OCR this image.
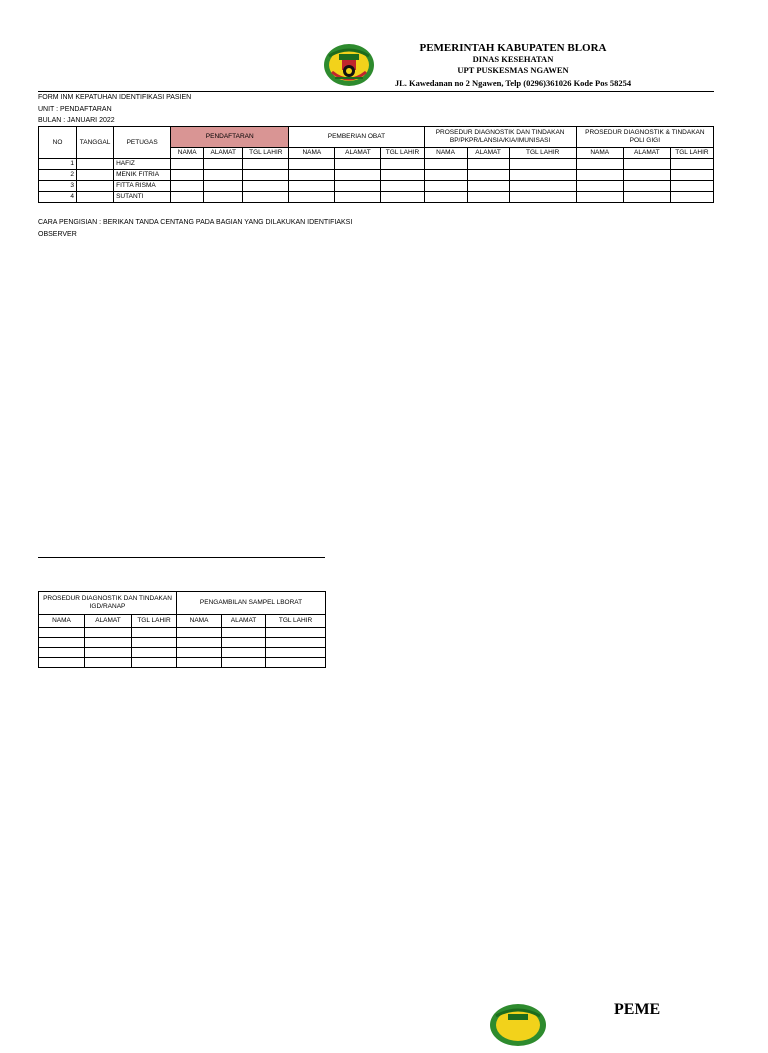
PEMERINTAH KABUPATEN BLORA
DINAS KESEHATAN
UPT PUSKESMAS NGAWEN
JL. Kawedanan no 2 Ngawen, Telp (0296)361026 Kode Pos 58254
FORM INM KEPATUHAN IDENTIFIKASI PASIEN
UNIT : PENDAFTARAN
BULAN : JANUARI 2022
NO	TANGGAL	PETUGAS	PENDAFTARAN			PEMBERIAN OBAT			PROSEDUR DIAGNOSTIK DAN TINDAKAN BP/PKPR/LANSIA/KIA/IMUNISASI			PROSEDUR DIAGNOSTIK & TINDAKAN POLI GIGI		
			NAMA	ALAMAT	TGL LAHIR	NAMA	ALAMAT	TGL LAHIR	NAMA	ALAMAT	TGL LAHIR	NAMA	ALAMAT	TGL LAHIR
1		HAFIZ												
2		MENIK FITRIA												
3		FITTA RISMA												
4		SUTANTI												
CARA PENGISIAN : BERIKAN TANDA CENTANG PADA BAGIAN YANG DILAKUKAN IDENTIFIAKSI
OBSERVER
PROSEDUR DIAGNOSTIK DAN TINDAKAN IGD/RANAP			PENGAMBILAN SAMPEL LBORAT		
NAMA	ALAMAT	TGL LAHIR	NAMA	ALAMAT	TGL LAHIR

PEME
